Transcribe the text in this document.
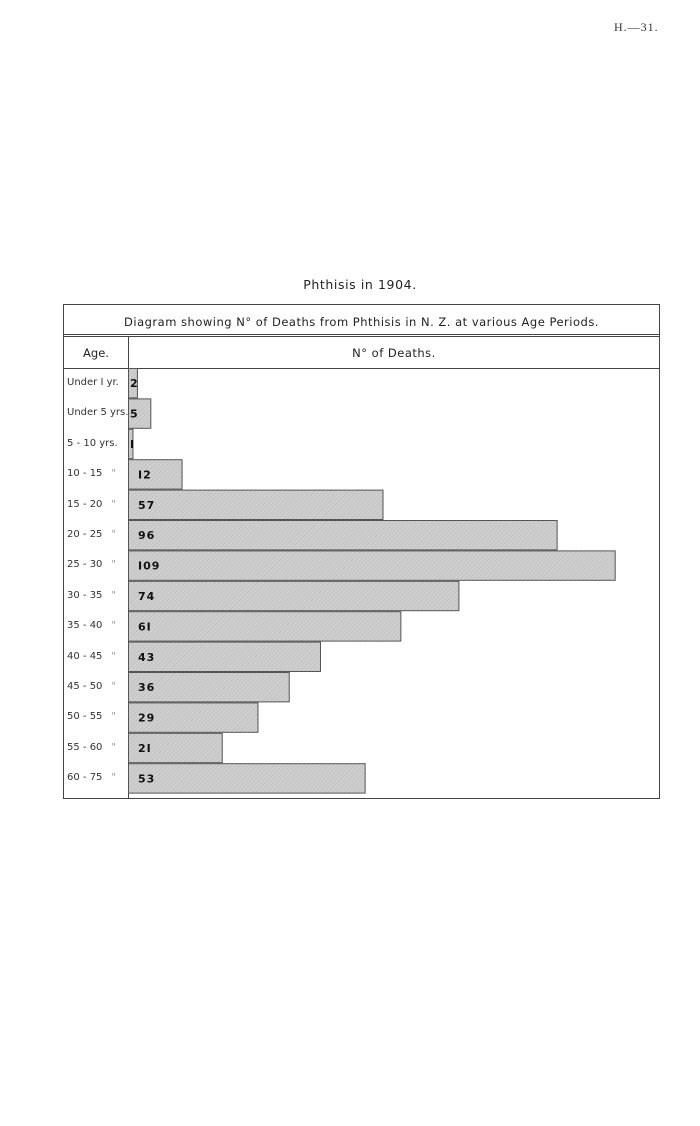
H.—31.
Phthisis in 1904.
Diagram showing N° of Deaths from Phthisis in N. Z. at various Age Periods.
Age.	N° of Deaths.
Under I yr.
Under 5 yrs.
5 - 10 yrs.
10 - 15 "
15 - 20 "
20 - 25 "
25 - 30 "
30 - 35 "
35 - 40 "
40 - 45 "
45 - 50 "
50 - 55 "
55 - 60 "
60 - 75 "
2
5
I
I2
57
96
I09
74
6I
43
36
29
2I
53
